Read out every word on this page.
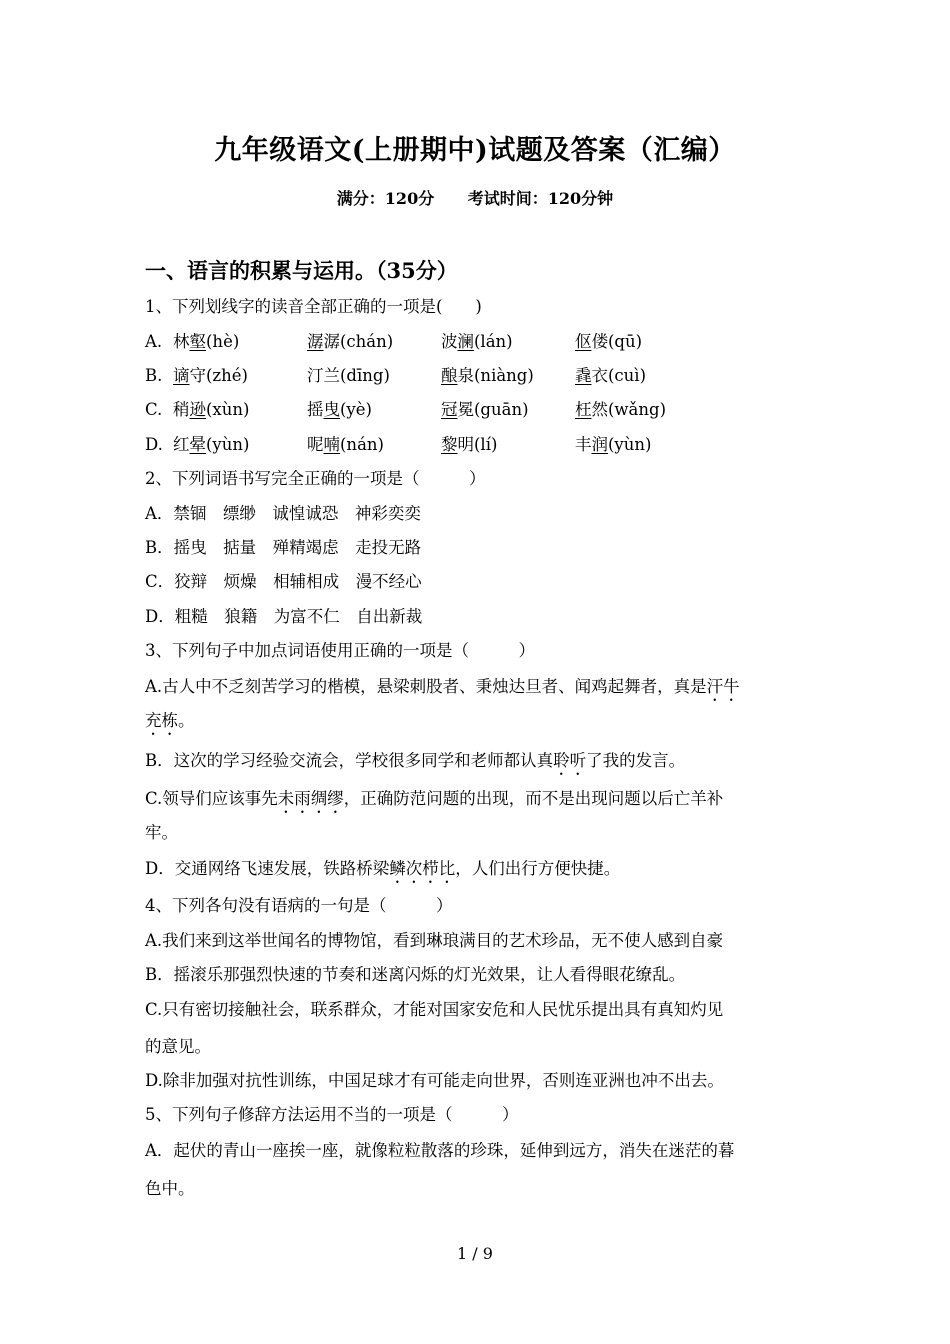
九年级语文(上册期中)试题及答案（汇编）
满分：120分 考试时间：120分钟
一、语言的积累与运用。（35分）
1、下列划线字的读音全部正确的一项是(　　)
A. 林壑(hè)	潺潺(chán)	波澜(lán)	伛偻(qū)
B. 谪守(zhé)	汀兰(dīng)	酿泉(niàng)	毳衣(cuì)
C. 稍逊(xùn)	摇曳(yè)	冠冕(guān)	枉然(wǎng)
D. 红晕(yùn)	呢喃(nán)	黎明(lí)	丰润(yùn)
2、下列词语书写完全正确的一项是（　　　）
A．禁锢　缥缈　诚惶诚恐　神彩奕奕
B．摇曳　掂量　殚精竭虑　走投无路
C．狡辩　烦燥　相辅相成　漫不经心
D．粗糙　狼籍　为富不仁　自出新裁
3、下列句子中加点词语使用正确的一项是（　　　）
A.古人中不乏刻苦学习的楷模，悬梁刺股者、秉烛达旦者、闻鸡起舞者，真是汗牛
充栋。
B．这次的学习经验交流会，学校很多同学和老师都认真聆听了我的发言。
C.领导们应该事先未雨绸缪，正确防范问题的出现，而不是出现问题以后亡羊补
牢。
D．交通网络飞速发展，铁路桥梁鳞次栉比，人们出行方便快捷。
4、下列各句没有语病的一句是（　　　）
A.我们来到这举世闻名的博物馆，看到琳琅满目的艺术珍品，无不使人感到自豪
B．摇滚乐那强烈快速的节奏和迷离闪烁的灯光效果，让人看得眼花缭乱。
C.只有密切接触社会，联系群众，才能对国家安危和人民忧乐提出具有真知灼见
的意见。
D.除非加强对抗性训练，中国足球才有可能走向世界，否则连亚洲也冲不出去。
5、下列句子修辞方法运用不当的一项是（　　　）
A．起伏的青山一座挨一座，就像粒粒散落的珍珠，延伸到远方，消失在迷茫的暮
色中。
1 / 9
